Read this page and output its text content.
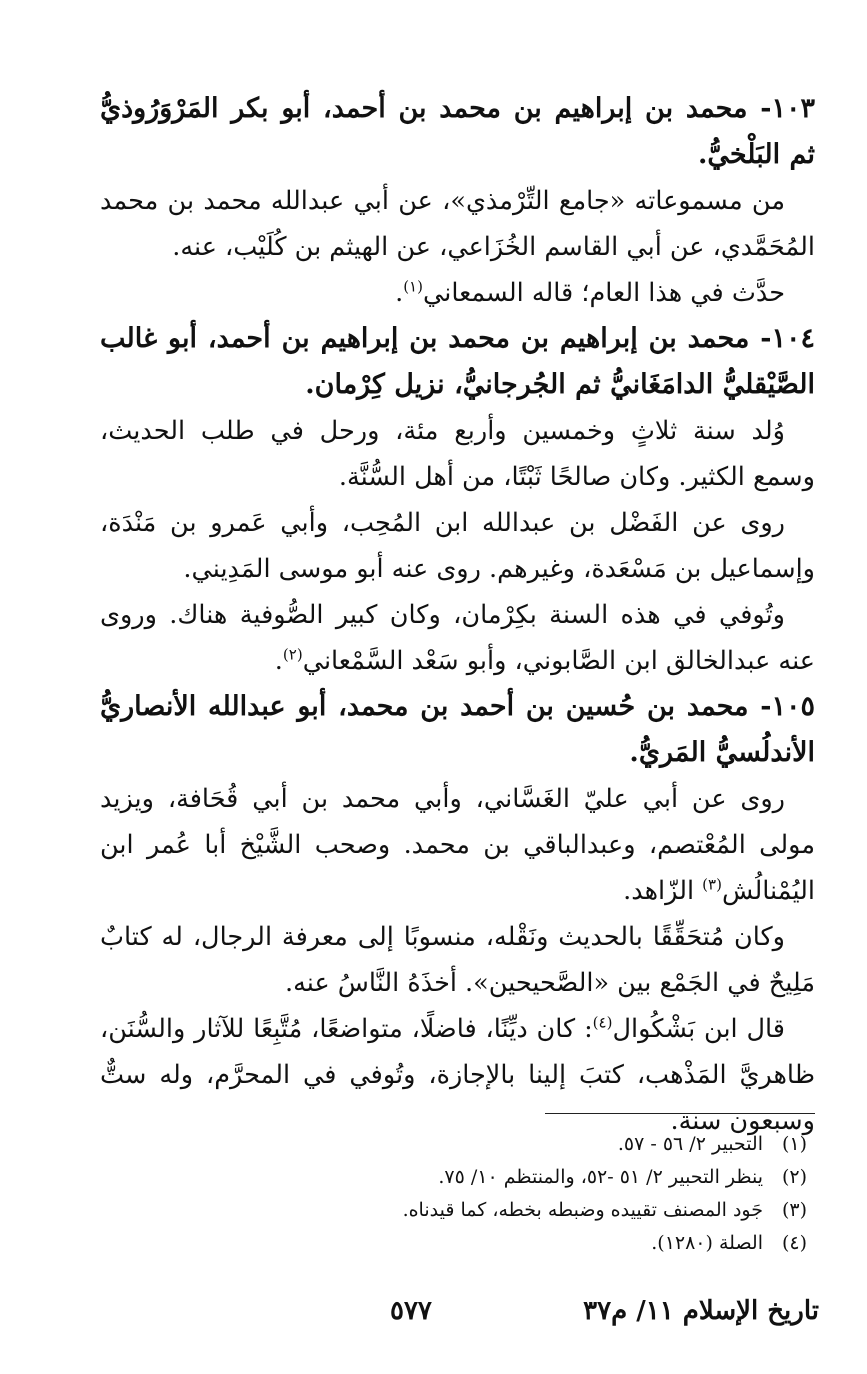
١٠٣- محمد بن إبراهيم بن محمد بن أحمد، أبو بكر المَرْوَرُوذيُّ ثم البَلْخيُّ.

من مسموعاته «جامع التِّرْمذي»، عن أبي عبدالله محمد بن محمد المُحَمَّدي، عن أبي القاسم الخُزَاعي، عن الهيثم بن كُلَيْب، عنه.

حدَّث في هذا العام؛ قاله السمعاني$^{(١)}$.

١٠٤- محمد بن إبراهيم بن محمد بن إبراهيم بن أحمد، أبو غالب الصَّيْقليُّ الدامَغَانيُّ ثم الجُرجانيُّ، نزيل كِرْمان.

وُلد سنة ثلاثٍ وخمسين وأربع مئة، ورحل في طلب الحديث، وسمع الكثير. وكان صالحًا ثَبْتًا، من أهل السُّنَّة.

روى عن الفَضْل بن عبدالله ابن المُحِب، وأبي عَمرو بن مَنْدَة، وإسماعيل بن مَسْعَدة، وغيرهم. روى عنه أبو موسى المَدِيني.

وتُوفي في هذه السنة بكِرْمان، وكان كبير الصُّوفية هناك. وروى عنه عبدالخالق ابن الصَّابوني، وأبو سَعْد السَّمْعاني$^{(٢)}$.

١٠٥- محمد بن حُسين بن أحمد بن محمد، أبو عبدالله الأنصاريُّ الأندلُسيُّ المَريُّ.

روى عن أبي عليّ الغَسَّاني، وأبي محمد بن أبي قُحَافة، ويزيد مولى المُعْتصم، وعبدالباقي بن محمد. وصحب الشَّيْخ أبا عُمر ابن اليُمْنالُش$^{(٣)}$ الزّاهد.

وكان مُتحَقِّقًا بالحديث ونَقْله، منسوبًا إلى معرفة الرجال، له كتابٌ مَلِيحٌ في الجَمْع بين «الصَّحيحين». أخذَهُ النَّاسُ عنه.

قال ابن بَشْكُوال$^{(٤)}$: كان ديِّنًا، فاضلًا، متواضعًا، مُتَّبِعًا للآثار والسُّنَن، ظاهريَّ المَذْهب، كتبَ إلينا بالإجازة، وتُوفي في المحرَّم، وله ستٌّ وسبعون سنة.

(١)
التحبير ٢/ ٥٦ - ٥٧.

(٢)
ينظر التحبير ٢/ ٥١ -٥٢، والمنتظم ١٠/ ٧٥.

(٣)
جَود المصنف تقييده وضبطه بخطه، كما قيدناه.

(٤)
الصلة (١٢٨٠).

تاريخ الإسلام ١١/ م٣٧
٥٧٧
